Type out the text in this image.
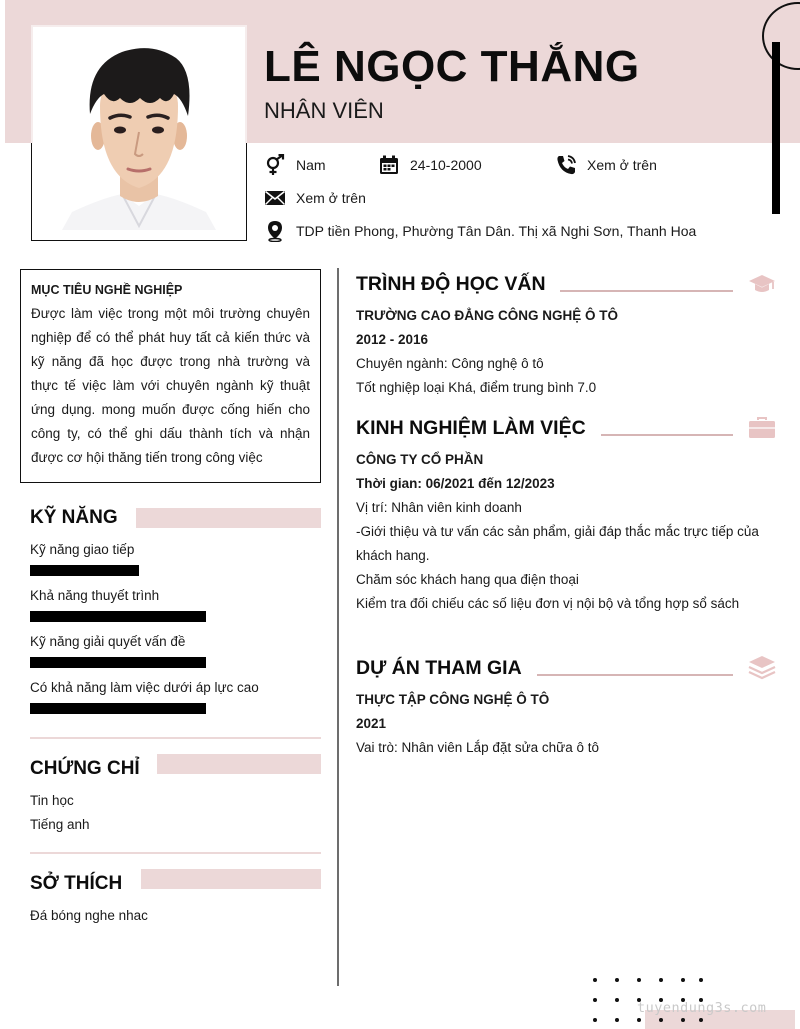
LÊ NGỌC THẮNG
NHÂN VIÊN
Nam	24-10-2000	Xem ở trên
Xem ở trên
TDP tiền Phong, Phường Tân Dân. Thị xã Nghi Sơn, Thanh Hoa
MỤC TIÊU NGHỀ NGHIỆP
Được làm việc trong một môi trường chuyên nghiệp để có thể phát huy tất cả kiến thức và kỹ năng đã học được trong nhà trường và thực tế việc làm với chuyên ngành kỹ thuật ứng dụng. mong muốn được cống hiến cho công ty, có thể ghi dấu thành tích và nhận được cơ hội thăng tiến trong công việc
KỸ NĂNG
Kỹ năng giao tiếp
Khả năng thuyết trình
Kỹ năng giải quyết vấn đề
Có khả năng làm việc dưới áp lực cao
CHỨNG CHỈ
Tin học
Tiếng anh
SỞ THÍCH
Đá bóng nghe nhac
TRÌNH ĐỘ HỌC VẤN
TRƯỜNG CAO ĐẲNG CÔNG NGHỆ Ô TÔ
2012 - 2016
Chuyên ngành: Công nghệ ô tô
Tốt nghiệp loại Khá, điểm trung bình 7.0
KINH NGHIỆM LÀM VIỆC
CÔNG TY CỔ PHẦN
Thời gian: 06/2021 đến 12/2023
Vị trí: Nhân viên kinh doanh
-Giới thiệu và tư vấn các sản phẩm, giải đáp thắc mắc trực tiếp của
khách hang.
Chăm sóc khách hang qua điện thoại
Kiểm tra đối chiếu các số liệu đơn vị nội bộ và tổng hợp sổ sách
DỰ ÁN THAM GIA
THỰC TẬP CÔNG NGHỆ Ô TÔ
2021
Vai trò: Nhân viên Lắp đặt sửa chữa ô tô
tuyendung3s.com
